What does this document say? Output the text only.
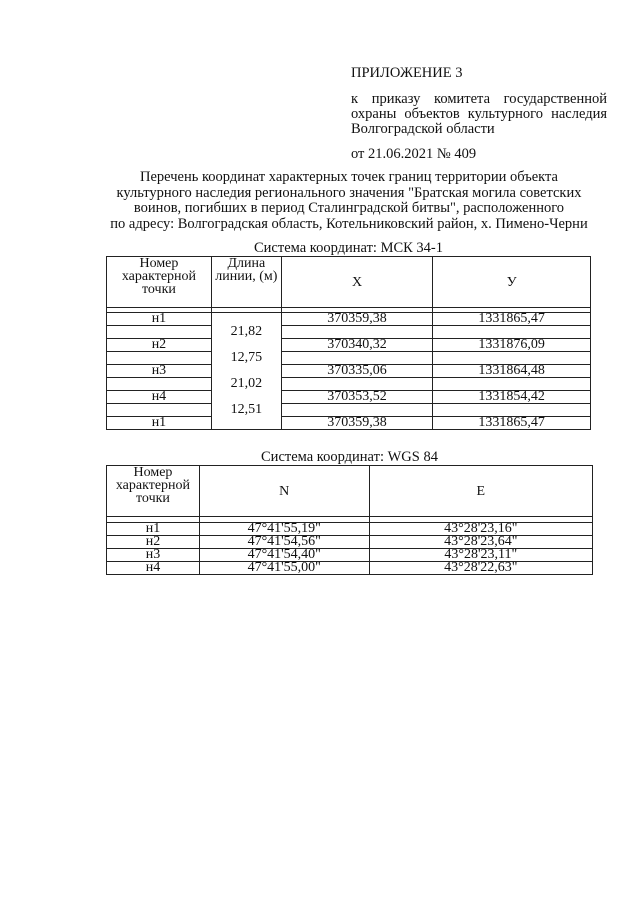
ПРИЛОЖЕНИЕ 3
к приказу комитета государственной
охраны объектов культурного наследия
Волгоградской области
от 21.06.2021 № 409
Перечень координат характерных точек границ территории объекта
культурного наследия регионального значения "Братская могила советских
воинов, погибших в период Сталинградской битвы", расположенного
по адресу: Волгоградская область, Котельниковский район, х. Пимено-Черни
Система координат: МСК 34-1
Номер характерной точки	Длина линии, (м)	X	У

н1		370359,38	1331865,47
	21,82		
н2		370340,32	1331876,09
	12,75		
н3		370335,06	1331864,48
	21,02		
н4		370353,52	1331854,42
	12,51		
н1		370359,38	1331865,47
Система координат: WGS 84
Номер характерной точки	N	E

н1	47°41'55,19"	43°28'23,16"
н2	47°41'54,56"	43°28'23,64"
н3	47°41'54,40"	43°28'23,11"
н4	47°41'55,00"	43°28'22,63"
